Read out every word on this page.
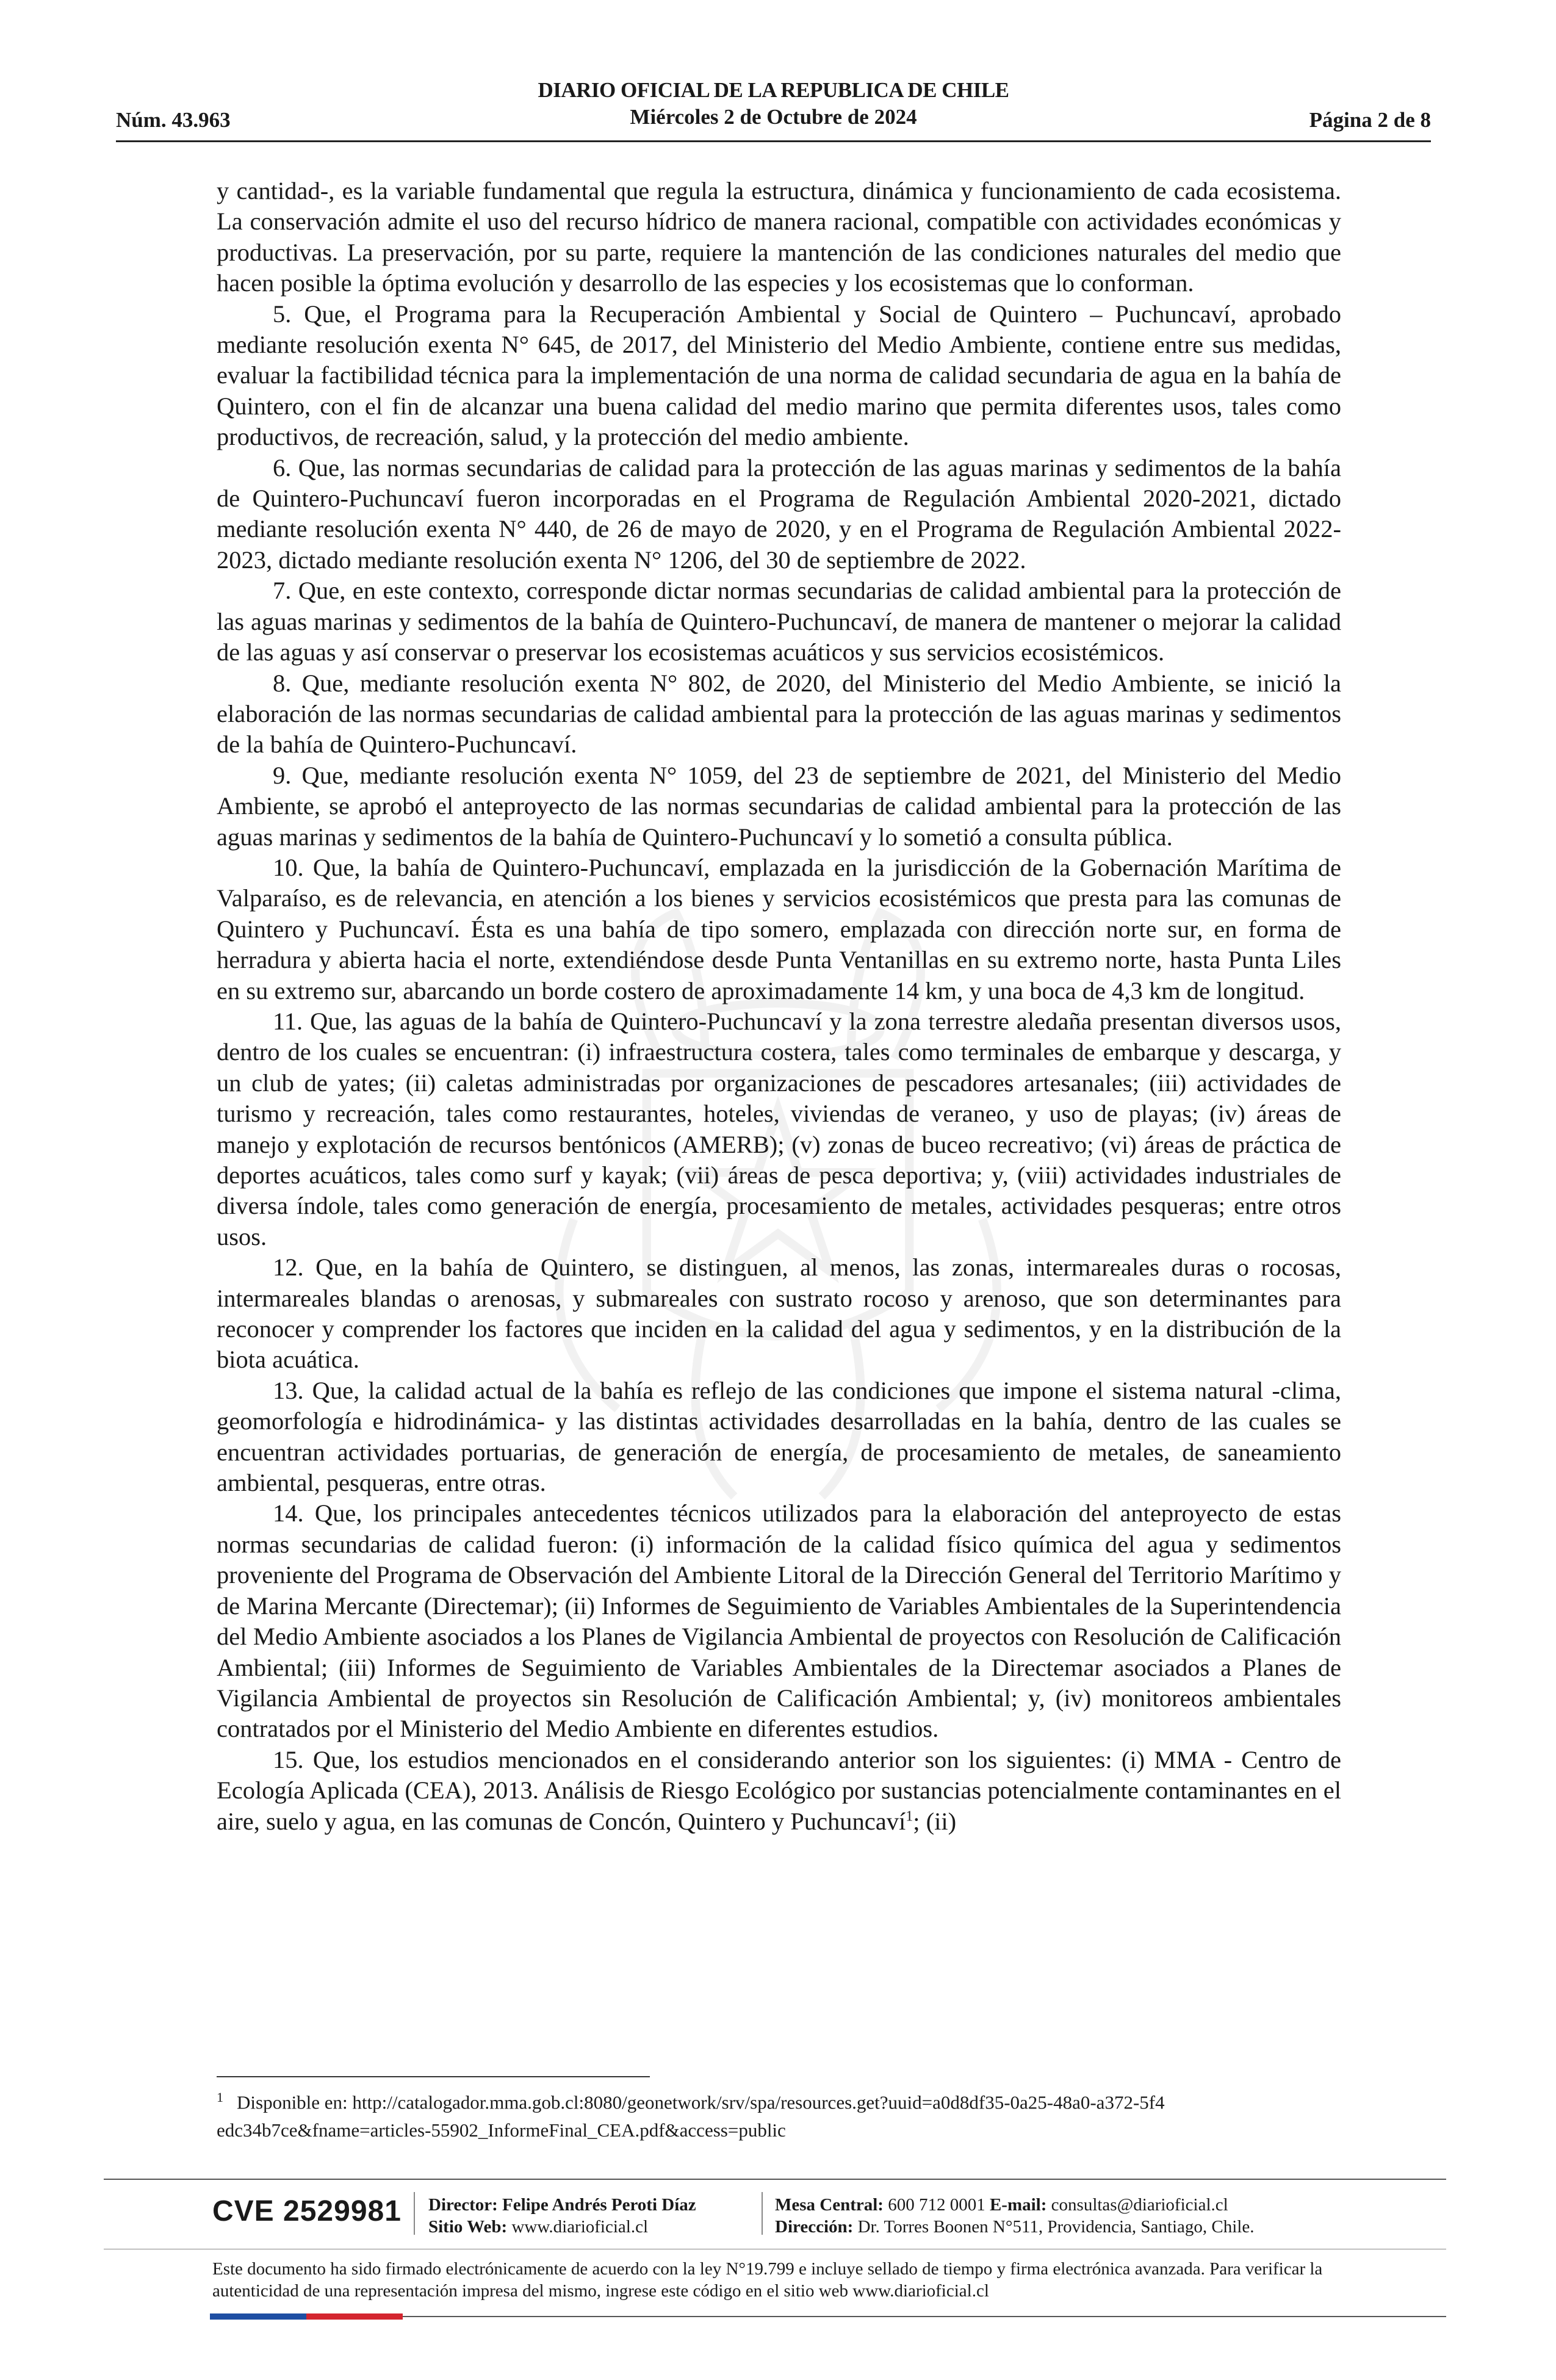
DIARIO OFICIAL DE LA REPUBLICA DE CHILE
Miércoles 2 de Octubre de 2024
Núm. 43.963	Página 2 de 8

y cantidad-, es la variable fundamental que regula la estructura, dinámica y funcionamiento de cada ecosistema. La conservación admite el uso del recurso hídrico de manera racional, compatible con actividades económicas y productivas. La preservación, por su parte, requiere la mantención de las condiciones naturales del medio que hacen posible la óptima evolución y desarrollo de las especies y los ecosistemas que lo conforman.

5. Que, el Programa para la Recuperación Ambiental y Social de Quintero – Puchuncaví, aprobado mediante resolución exenta N° 645, de 2017, del Ministerio del Medio Ambiente, contiene entre sus medidas, evaluar la factibilidad técnica para la implementación de una norma de calidad secundaria de agua en la bahía de Quintero, con el fin de alcanzar una buena calidad del medio marino que permita diferentes usos, tales como productivos, de recreación, salud, y la protección del medio ambiente.

6. Que, las normas secundarias de calidad para la protección de las aguas marinas y sedimentos de la bahía de Quintero-Puchuncaví fueron incorporadas en el Programa de Regulación Ambiental 2020-2021, dictado mediante resolución exenta N° 440, de 26 de mayo de 2020, y en el Programa de Regulación Ambiental 2022-2023, dictado mediante resolución exenta N° 1206, del 30 de septiembre de 2022.

7. Que, en este contexto, corresponde dictar normas secundarias de calidad ambiental para la protección de las aguas marinas y sedimentos de la bahía de Quintero-Puchuncaví, de manera de mantener o mejorar la calidad de las aguas y así conservar o preservar los ecosistemas acuáticos y sus servicios ecosistémicos.

8. Que, mediante resolución exenta N° 802, de 2020, del Ministerio del Medio Ambiente, se inició la elaboración de las normas secundarias de calidad ambiental para la protección de las aguas marinas y sedimentos de la bahía de Quintero-Puchuncaví.

9. Que, mediante resolución exenta N° 1059, del 23 de septiembre de 2021, del Ministerio del Medio Ambiente, se aprobó el anteproyecto de las normas secundarias de calidad ambiental para la protección de las aguas marinas y sedimentos de la bahía de Quintero-Puchuncaví y lo sometió a consulta pública.

10. Que, la bahía de Quintero-Puchuncaví, emplazada en la jurisdicción de la Gobernación Marítima de Valparaíso, es de relevancia, en atención a los bienes y servicios ecosistémicos que presta para las comunas de Quintero y Puchuncaví. Ésta es una bahía de tipo somero, emplazada con dirección norte sur, en forma de herradura y abierta hacia el norte, extendiéndose desde Punta Ventanillas en su extremo norte, hasta Punta Liles en su extremo sur, abarcando un borde costero de aproximadamente 14 km, y una boca de 4,3 km de longitud.

11. Que, las aguas de la bahía de Quintero-Puchuncaví y la zona terrestre aledaña presentan diversos usos, dentro de los cuales se encuentran: (i) infraestructura costera, tales como terminales de embarque y descarga, y un club de yates; (ii) caletas administradas por organizaciones de pescadores artesanales; (iii) actividades de turismo y recreación, tales como restaurantes, hoteles, viviendas de veraneo, y uso de playas; (iv) áreas de manejo y explotación de recursos bentónicos (AMERB); (v) zonas de buceo recreativo; (vi) áreas de práctica de deportes acuáticos, tales como surf y kayak; (vii) áreas de pesca deportiva; y, (viii) actividades industriales de diversa índole, tales como generación de energía, procesamiento de metales, actividades pesqueras; entre otros usos.

12. Que, en la bahía de Quintero, se distinguen, al menos, las zonas, intermareales duras o rocosas, intermareales blandas o arenosas, y submareales con sustrato rocoso y arenoso, que son determinantes para reconocer y comprender los factores que inciden en la calidad del agua y sedimentos, y en la distribución de la biota acuática.

13. Que, la calidad actual de la bahía es reflejo de las condiciones que impone el sistema natural -clima, geomorfología e hidrodinámica- y las distintas actividades desarrolladas en la bahía, dentro de las cuales se encuentran actividades portuarias, de generación de energía, de procesamiento de metales, de saneamiento ambiental, pesqueras, entre otras.

14. Que, los principales antecedentes técnicos utilizados para la elaboración del anteproyecto de estas normas secundarias de calidad fueron: (i) información de la calidad físico química del agua y sedimentos proveniente del Programa de Observación del Ambiente Litoral de la Dirección General del Territorio Marítimo y de Marina Mercante (Directemar); (ii) Informes de Seguimiento de Variables Ambientales de la Superintendencia del Medio Ambiente asociados a los Planes de Vigilancia Ambiental de proyectos con Resolución de Calificación Ambiental; (iii) Informes de Seguimiento de Variables Ambientales de la Directemar asociados a Planes de Vigilancia Ambiental de proyectos sin Resolución de Calificación Ambiental; y, (iv) monitoreos ambientales contratados por el Ministerio del Medio Ambiente en diferentes estudios.

15. Que, los estudios mencionados en el considerando anterior son los siguientes: (i) MMA - Centro de Ecología Aplicada (CEA), 2013. Análisis de Riesgo Ecológico por sustancias potencialmente contaminantes en el aire, suelo y agua, en las comunas de Concón, Quintero y Puchuncaví$^1$; (ii)

$^1$ Disponible en: http://catalogador.mma.gob.cl:8080/geonetwork/srv/spa/resources.get?uuid=a0d8df35-0a25-48a0-a372-5f4
edc34b7ce&fname=articles-55902_InformeFinal_CEA.pdf&access=public
CVE 2529981 Director: Felipe Andrés Peroti Díaz
Sitio Web: www.diarioficial.cl
Mesa Central: 600 712 0001 E-mail: consultas@diarioficial.cl
Dirección: Dr. Torres Boonen N°511, Providencia, Santiago, Chile.
Este documento ha sido firmado electrónicamente de acuerdo con la ley N°19.799 e incluye sellado de tiempo y firma electrónica avanzada. Para verificar la autenticidad de una representación impresa del mismo, ingrese este código en el sitio web www.diarioficial.cl
